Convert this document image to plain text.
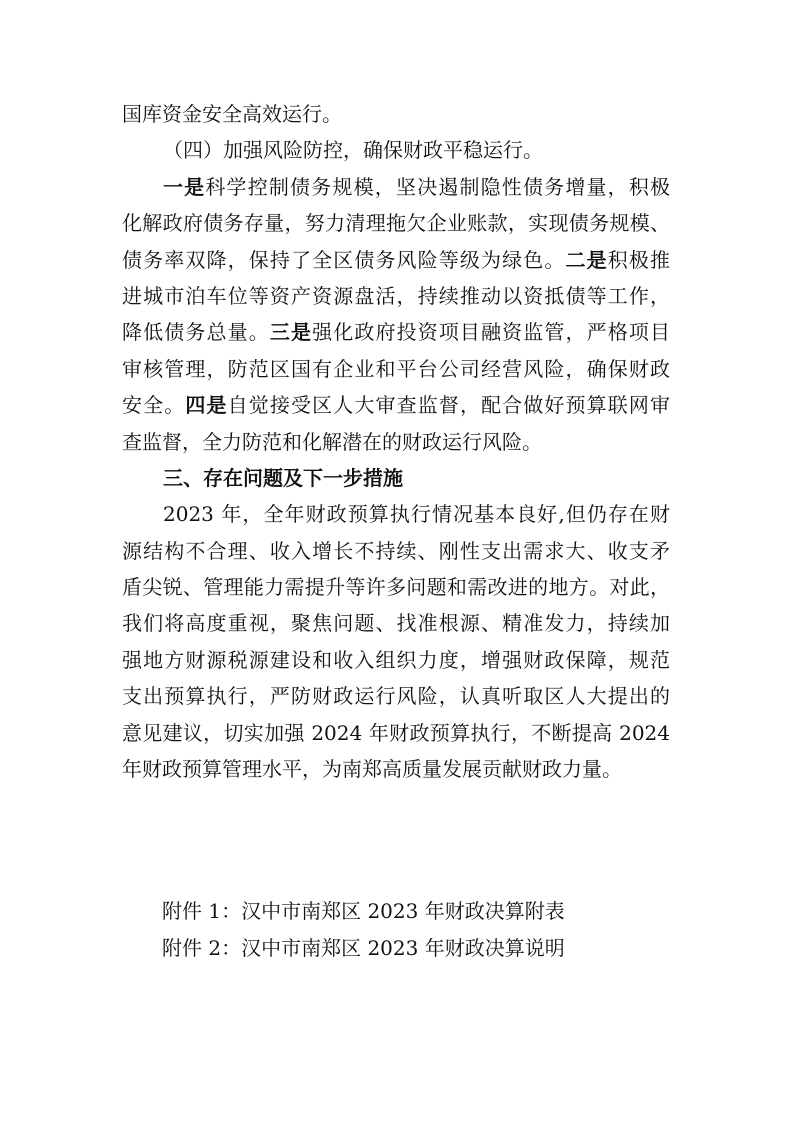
国库资金安全高效运行。
（四）加强风险防控，确保财政平稳运行。
一是科学控制债务规模，坚决遏制隐性债务增量，积极
化解政府债务存量，努力清理拖欠企业账款，实现债务规模、
债务率双降，保持了全区债务风险等级为绿色。二是积极推
进城市泊车位等资产资源盘活，持续推动以资抵债等工作，
降低债务总量。三是强化政府投资项目融资监管，严格项目
审核管理，防范区国有企业和平台公司经营风险，确保财政
安全。四是自觉接受区人大审查监督，配合做好预算联网审
查监督，全力防范和化解潜在的财政运行风险。
三、存在问题及下一步措施
2023 年，全年财政预算执行情况基本良好,但仍存在财
源结构不合理、收入增长不持续、刚性支出需求大、收支矛
盾尖锐、管理能力需提升等许多问题和需改进的地方。对此，
我们将高度重视，聚焦问题、找准根源、精准发力，持续加
强地方财源税源建设和收入组织力度，增强财政保障，规范
支出预算执行，严防财政运行风险，认真听取区人大提出的
意见建议，切实加强 2024 年财政预算执行，不断提高 2024
年财政预算管理水平，为南郑高质量发展贡献财政力量。
附件 1：汉中市南郑区 2023 年财政决算附表
附件 2：汉中市南郑区 2023 年财政决算说明
